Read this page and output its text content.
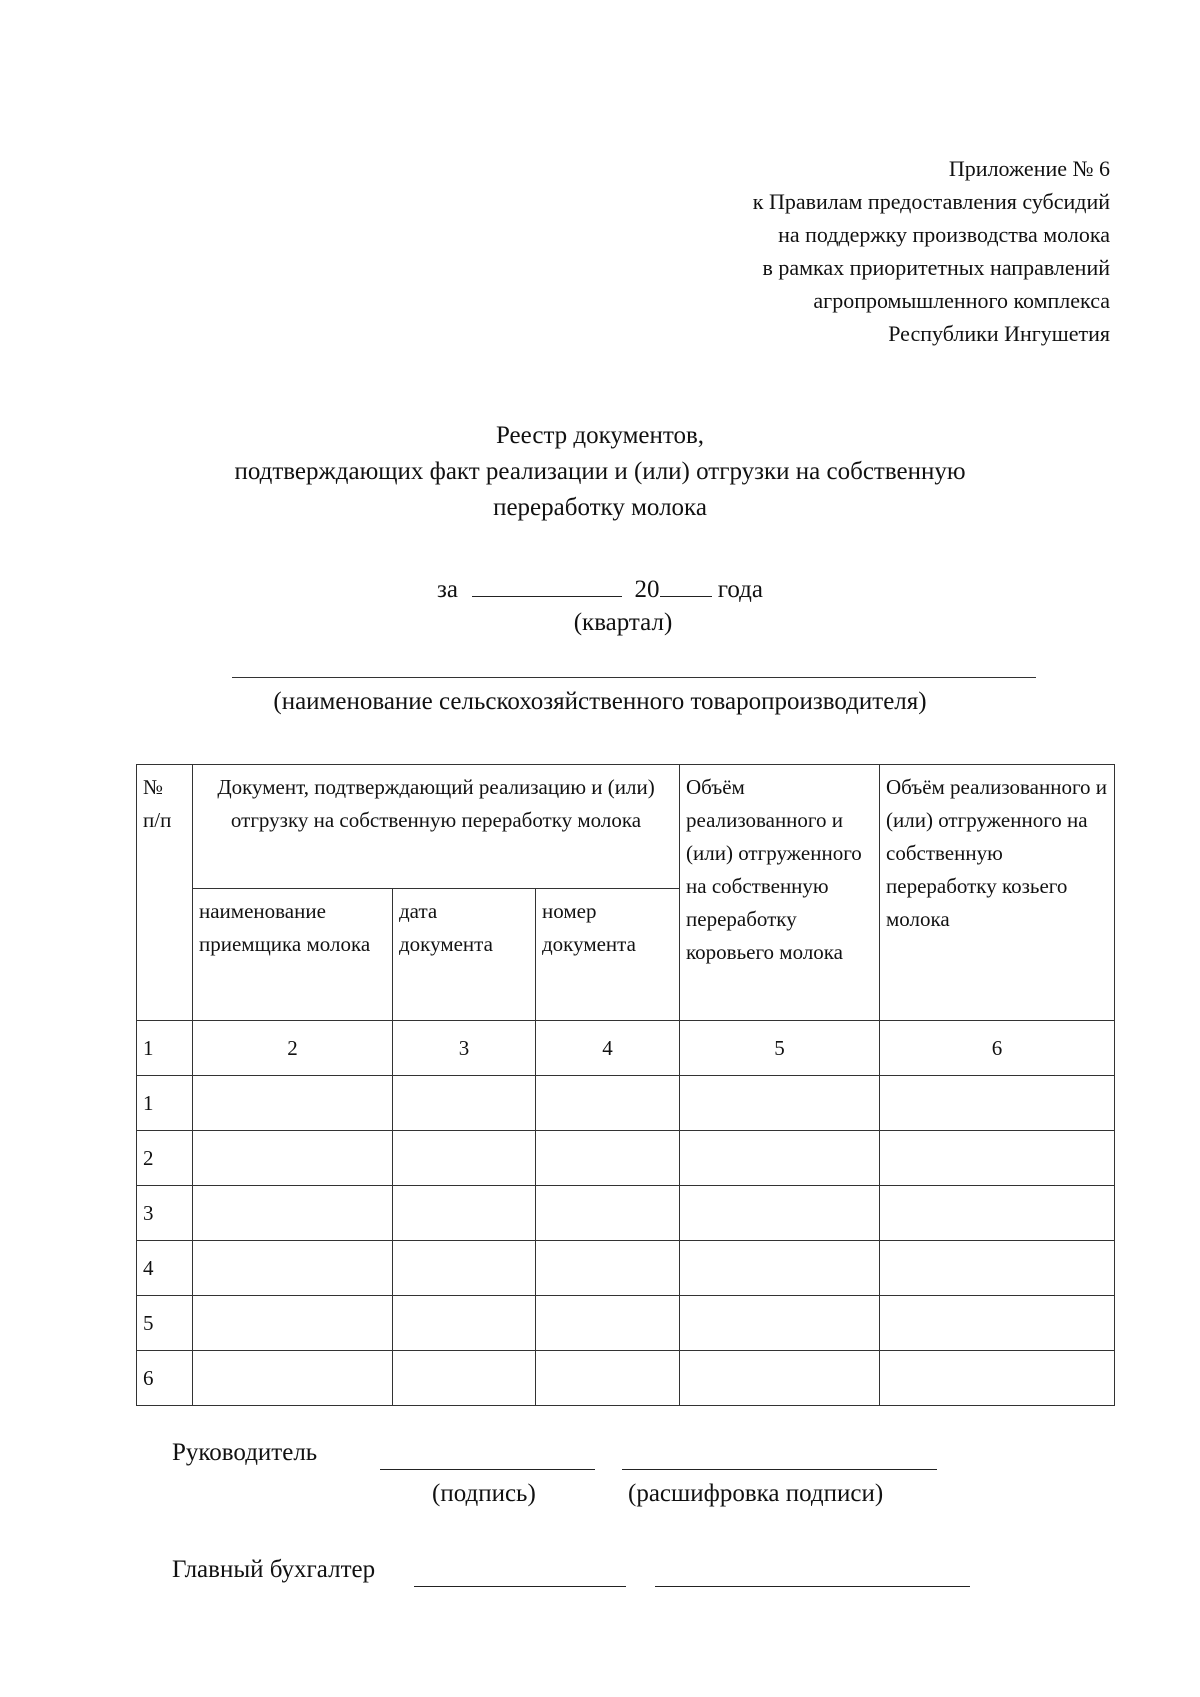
Приложение № 6
к Правилам предоставления субсидий
на поддержку производства молока
в рамках приоритетных направлений
агропромышленного комплекса
Республики Ингушетия
Реестр документов,
подтверждающих факт реализации и (или) отгрузки на собственную
переработку молока
за	20 года
(квартал)
(наименование сельскохозяйственного товаропроизводителя)
№ п/п	Документ, подтверждающий реализацию и (или) отгрузку на собственную переработку молока			Объём реализованного и (или) отгруженного на собственную переработку коровьего молока	Объём реализованного и (или) отгруженного на собственную переработку козьего молока
	наименование приемщика молока	дата документа	номер документа		
1	2	3	4	5	6
1					
2					
3					
4					
5					
6					
Руководитель
(подпись)	(расшифровка подписи)
Главный бухгалтер
